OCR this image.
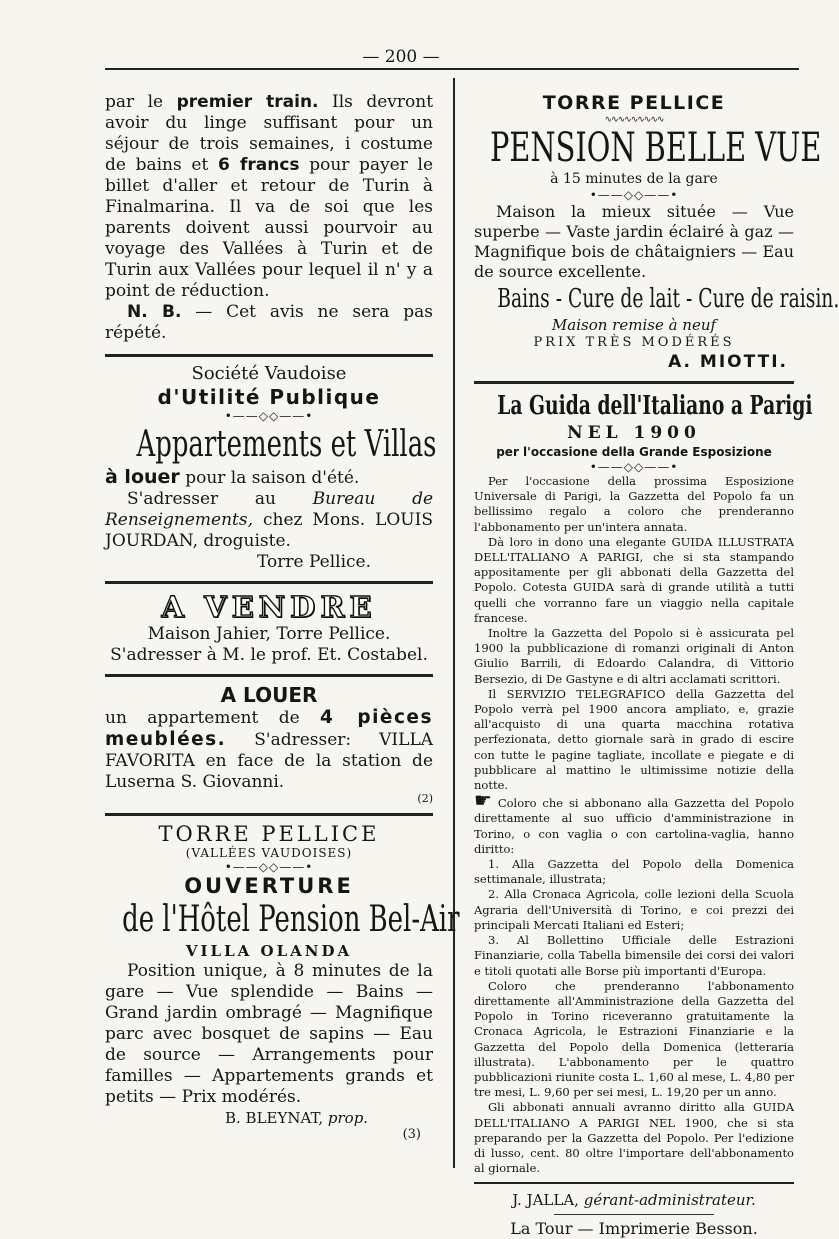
— 200 —
par le premier train. Ils devront avoir du linge suffisant pour un séjour de trois semaines, i costume de bains et 6 francs pour payer le billet d'aller et retour de Turin à Finalmarina. Il va de soi que les parents doivent aussi pourvoir au voyage des Vallées à Turin et de Turin aux Vallées pour lequel il n' y a point de réduction.
N. B. — Cet avis ne sera pas répété.
Société Vaudoise
d'Utilité Publique
•——◇◇——•
Appartements et Villas
à louer pour la saison d'été.
S'adresser au Bureau de Renseignements, chez Mons. LOUIS JOURDAN, droguiste.
Torre Pellice.
A VENDRE
Maison Jahier, Torre Pellice.
S'adresser à M. le prof. Et. Costabel.
A LOUER
un appartement de 4 pièces meublées. S'adresser: VILLA FAVORITA en face de la station de Luserna S. Giovanni.
(2)
TORRE PELLICE
(VALLÉES VAUDOISES)
•——◇◇——•
OUVERTURE
de l'Hôtel Pension Bel-Air
VILLA OLANDA
Position unique, à 8 minutes de la gare — Vue splendide — Bains — Grand jardin ombragé — Magnifique parc avec bosquet de sapins — Eau de source — Arrangements pour familles — Appartements grands et petits — Prix modérés.
B. BLEYNAT, prop.
(3)
TORRE PELLICE
∿∿∿∿∿∿∿∿∿
PENSION BELLE VUE
à 15 minutes de la gare
•——◇◇——•
Maison la mieux située — Vue superbe — Vaste jardin éclairé à gaz — Magnifique bois de châtaigniers — Eau de source excellente.
Bains - Cure de lait - Cure de raisin.
Maison remise à neuf
PRIX TRÈS MODÉRÉS
A. MIOTTI.
La Guida dell'Italiano a Parigi
NEL 1900
per l'occasione della Grande Esposizione
•——◇◇——•
Per l'occasione della prossima Esposizione Universale di Parigi, la Gazzetta del Popolo fa un bellissimo regalo a coloro che prenderanno l'abbonamento per un'intera annata.
Dà loro in dono una elegante GUIDA ILLUSTRATA DELL'ITALIANO A PARIGI, che si sta stampando appositamente per gli abbonati della Gazzetta del Popolo. Cotesta GUIDA sarà di grande utilità a tutti quelli che vorranno fare un viaggio nella capitale francese.
Inoltre la Gazzetta del Popolo si è assicurata pel 1900 la pubblicazione di romanzi originali di Anton Giulio Barrili, di Edoardo Calandra, di Vittorio Bersezio, di De Gastyne e di altri acclamati scrittori.
Il SERVIZIO TELEGRAFICO della Gazzetta del Popolo verrà pel 1900 ancora ampliato, e, grazie all'acquisto di una quarta macchina rotativa perfezionata, detto giornale sarà in grado di escire con tutte le pagine tagliate, incollate e piegate e di pubblicare al mattino le ultimissime notizie della notte.
☛ Coloro che si abbonano alla Gazzetta del Popolo direttamente al suo ufficio d'amministrazione in Torino, o con vaglia o con cartolina-vaglia, hanno diritto:
1. Alla Gazzetta del Popolo della Domenica settimanale, illustrata;
2. Alla Cronaca Agricola, colle lezioni della Scuola Agraria dell'Università di Torino, e coi prezzi dei principali Mercati Italiani ed Esteri;
3. Al Bollettino Ufficiale delle Estrazioni Finanziarie, colla Tabella bimensile dei corsi dei valori e titoli quotati alle Borse più importanti d'Europa.
Coloro che prenderanno l'abbonamento direttamente all'Amministrazione della Gazzetta del Popolo in Torino riceveranno gratuitamente la Cronaca Agricola, le Estrazioni Finanziarie e la Gazzetta del Popolo della Domenica (letteraria illustrata). L'abbonamento per le quattro pubblicazioni riunite costa L. 1,60 al mese, L. 4,80 per tre mesi, L. 9,60 per sei mesi, L. 19,20 per un anno.
Gli abbonati annuali avranno diritto alla GUIDA DELL'ITALIANO A PARIGI NEL 1900, che si sta preparando per la Gazzetta del Popolo. Per l'edizione di lusso, cent. 80 oltre l'importare dell'abbonamento al giornale.
J. JALLA, gérant-administrateur.
La Tour — Imprimerie Besson.
